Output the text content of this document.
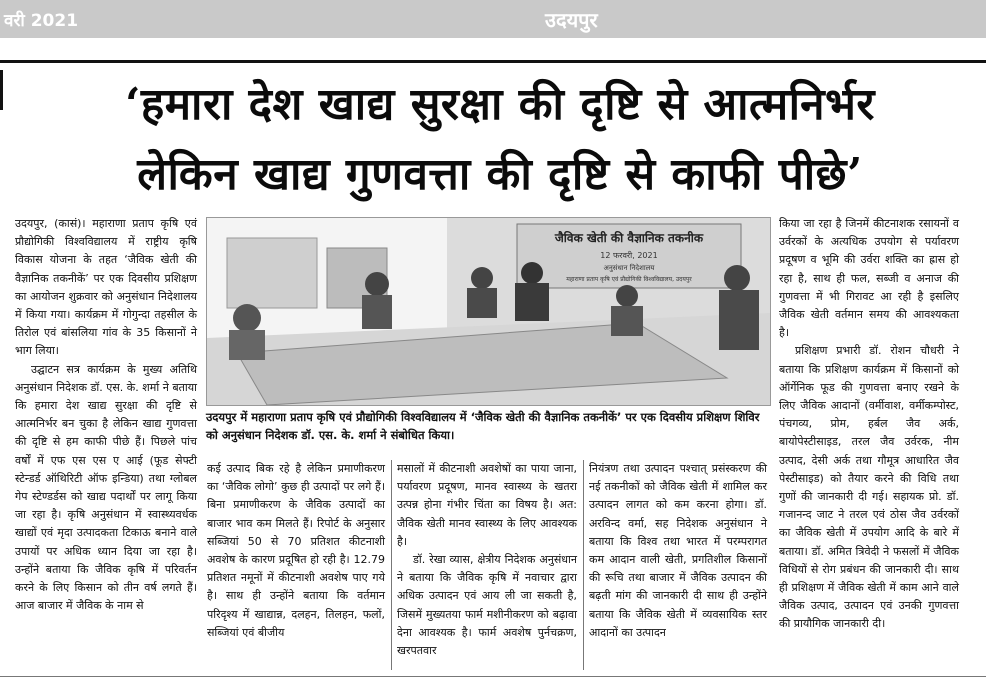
वरी 2021	उदयपुर
‘हमारा देश खाद्य सुरक्षा की दृष्टि से आत्मनिर्भर
लेकिन खाद्य गुणवत्ता की दृष्टि से काफी पीछे’

उदयपुर, (कासं)। महाराणा प्रताप कृषि एवं प्रौद्योगिकी विश्वविद्यालय में राष्ट्रीय कृषि विकास योजना के तहत ‘जैविक खेती की वैज्ञानिक तकनीकें’ पर एक दिवसीय प्रशिक्षण का आयोजन शुक्रवार को अनुसंधान निदेशालय में किया गया। कार्यक्रम में गोगुन्दा तहसील के तिरोल एवं बांसलिया गांव के 35 किसानों ने भाग लिया।

उद्घाटन सत्र कार्यक्रम के मुख्य अतिथि अनुसंधान निदेशक डॉ. एस. के. शर्मा ने बताया कि हमारा देश खाद्य सुरक्षा की दृष्टि से आत्मनिर्भर बन चुका है लेकिन खाद्य गुणवत्ता की दृष्टि से हम काफी पीछे हैं। पिछले पांच वर्षों में एफ एस एस ए आई (फूड सेफ्टी स्टेन्डर्ड ऑथिरिटी ऑफ इन्डिया) तथा ग्लोबल गेप स्टेण्डर्डस को खाद्य पदार्थों पर लागू किया जा रहा है। कृषि अनुसंधान में स्वास्थ्यवर्धक खाद्यों एवं मृदा उत्पादकता टिकाऊ बनाने वाले उपायों पर अधिक ध्यान दिया जा रहा है। उन्होंने बताया कि जैविक कृषि में परिवर्तन करने के लिए किसान को तीन वर्ष लगते हैं। आज बाजार में जैविक के नाम से

जैविक खेती की वैज्ञानिक तकनीक
12 फरवरी, 2021
अनुसंधान निदेशालय
महाराणा प्रताप कृषि एवं प्रौद्योगिकी विश्वविद्यालय, उदयपुर
उदयपुर में महाराणा प्रताप कृषि एवं प्रौद्योगिकी विश्वविद्यालय में ‘जैविक खेती की वैज्ञानिक तकनीकें’ पर एक दिवसीय प्रशिक्षण शिविर को अनुसंधान निदेशक डॉ. एस. के. शर्मा ने संबोधित किया।

कई उत्पाद बिक रहे है लेकिन प्रमाणीकरण का ‘जैविक लोगो’ कुछ ही उत्पादों पर लगे हैं। बिना प्रमाणीकरण के जैविक उत्पादों का बाजार भाव कम मिलते हैं। रिपोर्ट के अनुसार सब्जियां 50 से 70 प्रतिशत कीटनाशी अवशेष के कारण प्रदूषित हो रही है। 12.79 प्रतिशत नमूनों में कीटनाशी अवशेष पाए गये है। साथ ही उन्होंने बताया कि वर्तमान परिदृश्य में खाद्यान्न, दलहन, तिलहन, फलों, सब्जियां एवं बीजीय

मसालों में कीटनाशी अवशेषों का पाया जाना, पर्यावरण प्रदूषण, मानव स्वास्थ्य के खतरा उत्पन्न होना गंभीर चिंता का विषय है। अत: जैविक खेती मानव स्वास्थ्य के लिए आवश्यक है।

डॉ. रेखा व्यास, क्षेत्रीय निदेशक अनुसंधान ने बताया कि जैविक कृषि में नवाचार द्वारा अधिक उत्पादन एवं आय ली जा सकती है, जिसमें मुख्यतया फार्म मशीनीकरण को बढ़ावा देना आवश्यक है। फार्म अवशेष पुर्नचक्रण, खरपतवार

नियंत्रण तथा उत्पादन पश्चात् प्रसंस्करण की नई तकनीकों को जैविक खेती में शामिल कर उत्पादन लागत को कम करना होगा। डॉ. अरविन्द वर्मा, सह निदेशक अनुसंधान ने बताया कि विश्व तथा भारत में परम्परागत कम आदान वाली खेती, प्रगतिशील किसानों की रूचि तथा बाजार में जैविक उत्पादन की बढ़ती मांग की जानकारी दी साथ ही उन्होंने बताया कि जैविक खेती में व्यवसायिक स्तर आदानों का उत्पादन

किया जा रहा है जिनमें कीटनाशक रसायनों व उर्वरकों के अत्यधिक उपयोग से पर्यावरण प्रदूषण व भूमि की उर्वरा शक्ति का ह्रास हो रहा है, साथ ही फल, सब्जी व अनाज की गुणवत्ता में भी गिरावट आ रही है इसलिए जैविक खेती वर्तमान समय की आवश्यकता है।

प्रशिक्षण प्रभारी डॉ. रोशन चौधरी ने बताया कि प्रशिक्षण कार्यक्रम में किसानों को ऑर्गेनिक फूड की गुणवत्ता बनाए रखने के लिए जैविक आदानों (वर्मीवाश, वर्मीकम्पोस्ट, पंचगव्य, प्रोम, हर्बल जैव अर्क, बायोपेस्टीसाइड, तरल जैव उर्वरक, नीम उत्पाद, देसी अर्क तथा गौमूत्र आधारित जैव पेस्टीसाइड) को तैयार करने की विधि तथा गुणों की जानकारी दी गई। सहायक प्रो. डॉ. गजानन्द जाट ने तरल एवं ठोस जैव उर्वरकों का जैविक खेती में उपयोग आदि के बारे में बताया। डॉ. अमित त्रिवेदी ने फसलों में जैविक विधियों से रोग प्रबंधन की जानकारी दी। साथ ही प्रशिक्षण में जैविक खेती में काम आने वाले जैविक उत्पाद, उत्पादन एवं उनकी गुणवत्ता की प्रायौगिक जानकारी दी।
